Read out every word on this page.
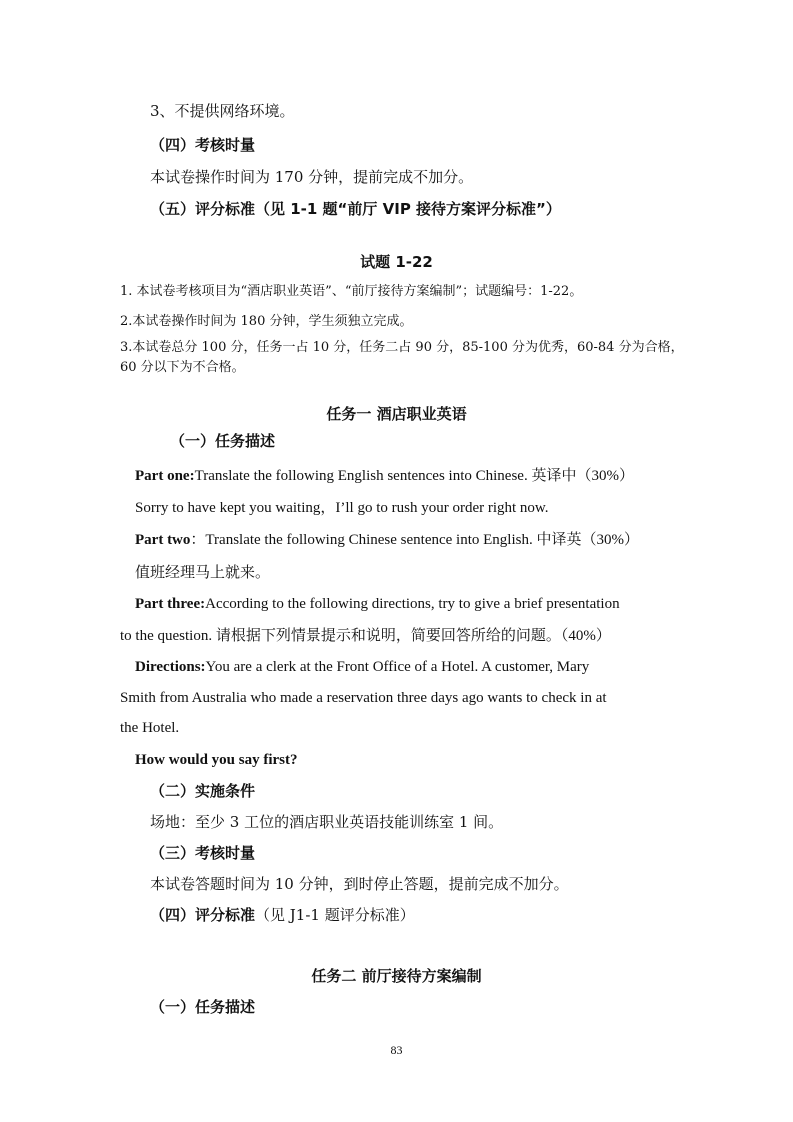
3、不提供网络环境。
（四）考核时量
本试卷操作时间为 170 分钟，提前完成不加分。
（五）评分标准（见 1-1 题“前厅 VIP 接待方案评分标准”）
试题 1-22
1. 本试卷考核项目为“酒店职业英语”、“前厅接待方案编制”；试题编号：1-22。
2.本试卷操作时间为 180 分钟，学生须独立完成。
3.本试卷总分 100 分，任务一占 10 分，任务二占 90 分，85-100 分为优秀，60-84 分为合格，
60 分以下为不合格。
任务一 酒店职业英语
（一）任务描述
Part one:Translate the following English sentences into Chinese. 英译中（30%）
Sorry to have kept you waiting，I’ll go to rush your order right now.
Part two：Translate the following Chinese sentence into English. 中译英（30%）
值班经理马上就来。
Part three:According to the following directions, try to give a brief presentation
to the question. 请根据下列情景提示和说明，简要回答所给的问题。（40%）
Directions:You are a clerk at the Front Office of a Hotel. A customer, Mary
Smith from Australia who made a reservation three days ago wants to check in at
the Hotel.
How would you say first?
（二）实施条件
场地：至少 3 工位的酒店职业英语技能训练室 1 间。
（三）考核时量
本试卷答题时间为 10 分钟，到时停止答题，提前完成不加分。
（四）评分标准（见 J1-1 题评分标准）
任务二 前厅接待方案编制
（一）任务描述
83
